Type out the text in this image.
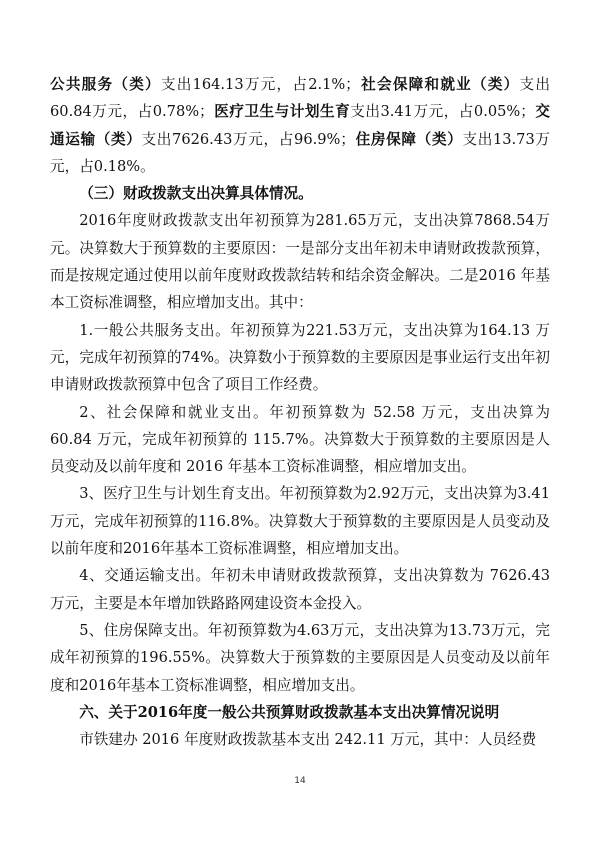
公共服务（类）支出164.13万元，占2.1%；社会保障和就业（类）支出60.84万元，占0.78%；医疗卫生与计划生育支出3.41万元，占0.05%；交通运输（类）支出7626.43万元，占96.9%；住房保障（类）支出13.73万元，占0.18%。

（三）财政拨款支出决算具体情况。

2016年度财政拨款支出年初预算为281.65万元，支出决算7868.54万元。决算数大于预算数的主要原因：一是部分支出年初未申请财政拨款预算，而是按规定通过使用以前年度财政拨款结转和结余资金解决。二是2016 年基本工资标准调整，相应增加支出。其中：

1.一般公共服务支出。年初预算为221.53万元，支出决算为164.13 万元，完成年初预算的74%。决算数小于预算数的主要原因是事业运行支出年初申请财政拨款预算中包含了项目工作经费。

2、社会保障和就业支出。年初预算数为 52.58 万元，支出决算为 60.84 万元，完成年初预算的 115.7%。决算数大于预算数的主要原因是人员变动及以前年度和 2016 年基本工资标准调整，相应增加支出。

3、医疗卫生与计划生育支出。年初预算数为2.92万元，支出决算为3.41万元，完成年初预算的116.8%。决算数大于预算数的主要原因是人员变动及以前年度和2016年基本工资标准调整，相应增加支出。

4、交通运输支出。年初未申请财政拨款预算，支出决算数为 7626.43 万元，主要是本年增加铁路路网建设资本金投入。

5、住房保障支出。年初预算数为4.63万元，支出决算为13.73万元，完成年初预算的196.55%。决算数大于预算数的主要原因是人员变动及以前年度和2016年基本工资标准调整，相应增加支出。

六、关于2016年度一般公共预算财政拨款基本支出决算情况说明

市铁建办 2016 年度财政拨款基本支出 242.11 万元，其中：人员经费

14
